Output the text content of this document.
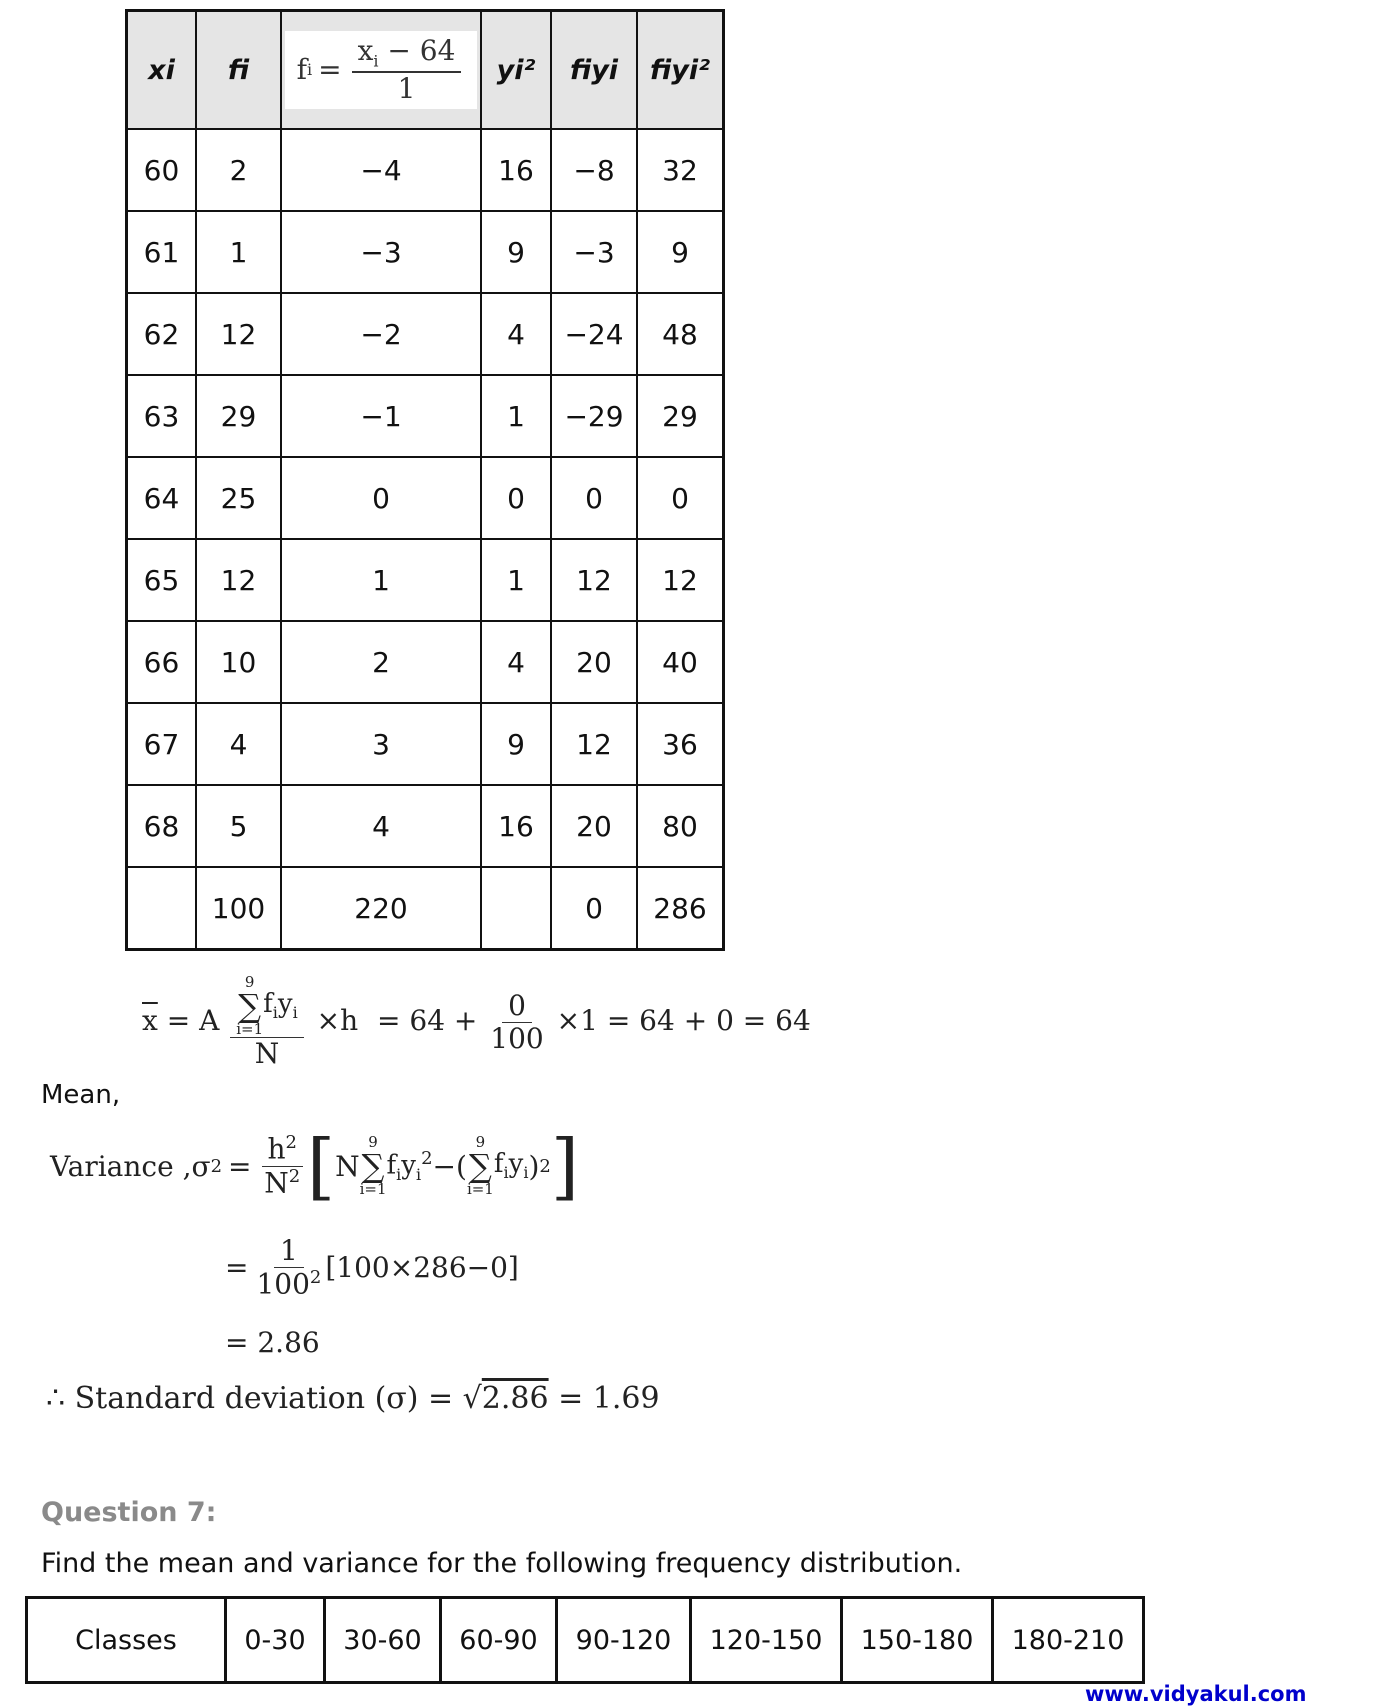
xi	fi	f $i = \frac{x_i - 64}{1}$	yi²	fiyi	fiyi²
60	2	−4	16	−8	32
61	1	−3	9	−3	9
62	12	−2	4	−24	48
63	29	−1	1	−29	29
64	25	0	0	0	0
65	12	1	1	12	12
66	10	2	4	20	40
67	4	3	9	12	36
68	5	4	16	20	80
	100	220		0	286
Mean,
$\overline{x} = A$ 9
∑
i=1
$f_iy_i$
$N \times h = 64 + \frac{0}{100} \times 1 = 64 + 0 = 64$
Variance ,σ $2 = \frac{h^2}{N^2}$ [ N
9
∑
i=1
$f_iy_i^2$ −(
9
∑
i=1
$f_iy_i$ ) 2 ]
= $\frac{1}{100^2} [100\times 286-0]$
= 2.86
∴ Standard deviation (σ) = √2.86 = 1.69
Question 7:
Find the mean and variance for the following frequency distribution.
Classes	0-30	30-60	60-90	90-120	120-150	150-180	180-210
www.vidyakul.com
